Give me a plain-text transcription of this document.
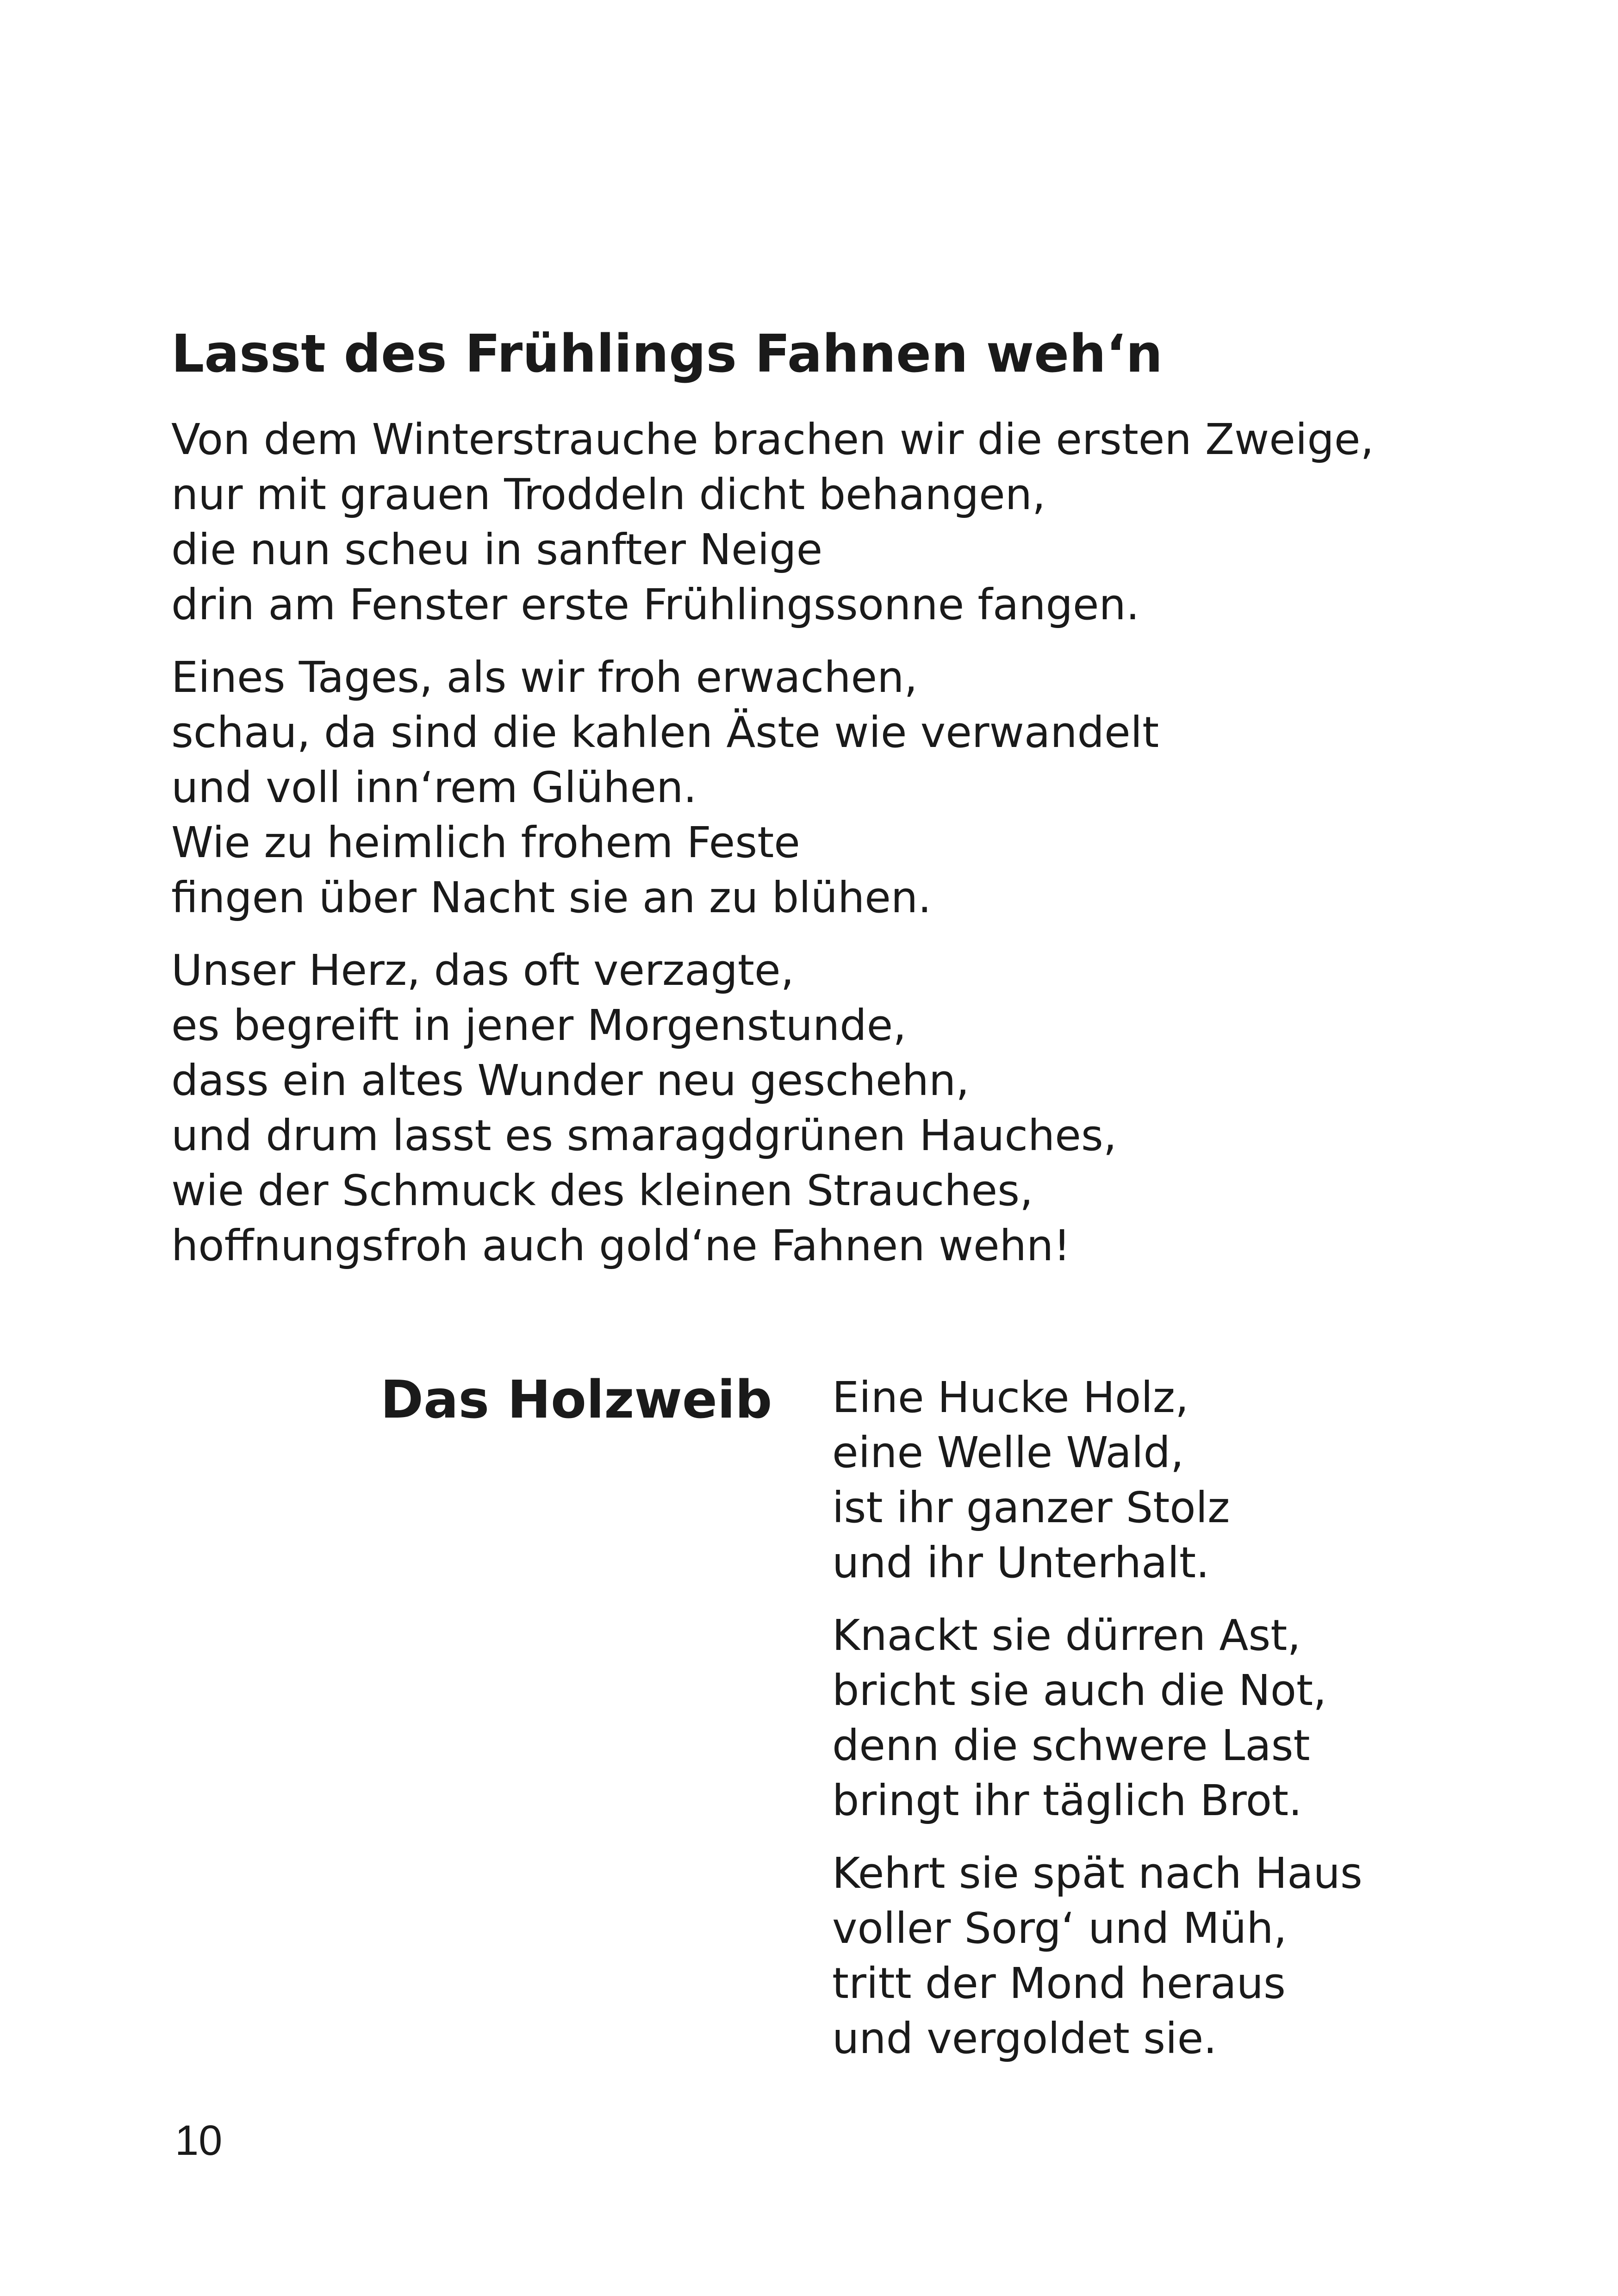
Lasst des Frühlings Fahnen weh‘n
Von dem Winterstrauche brachen wir die ersten Zweige,
nur mit grauen Troddeln dicht behangen,
die nun scheu in sanfter Neige
drin am Fenster erste Frühlingssonne fangen.
Eines Tages, als wir froh erwachen,
schau, da sind die kahlen Äste wie verwandelt
und voll inn‘rem Glühen.
Wie zu heimlich frohem Feste
fingen über Nacht sie an zu blühen.
Unser Herz, das oft verzagte,
es begreift in jener Morgenstunde,
dass ein altes Wunder neu geschehn,
und drum lasst es smaragdgrünen Hauches,
wie der Schmuck des kleinen Strauches,
hoffnungsfroh auch gold‘ne Fahnen wehn!
Das Holzweib Eine Hucke Holz,
eine Welle Wald,
ist ihr ganzer Stolz
und ihr Unterhalt.
Knackt sie dürren Ast,
bricht sie auch die Not,
denn die schwere Last
bringt ihr täglich Brot.
Kehrt sie spät nach Haus
voller Sorg‘ und Müh,
tritt der Mond heraus
und vergoldet sie.
10
